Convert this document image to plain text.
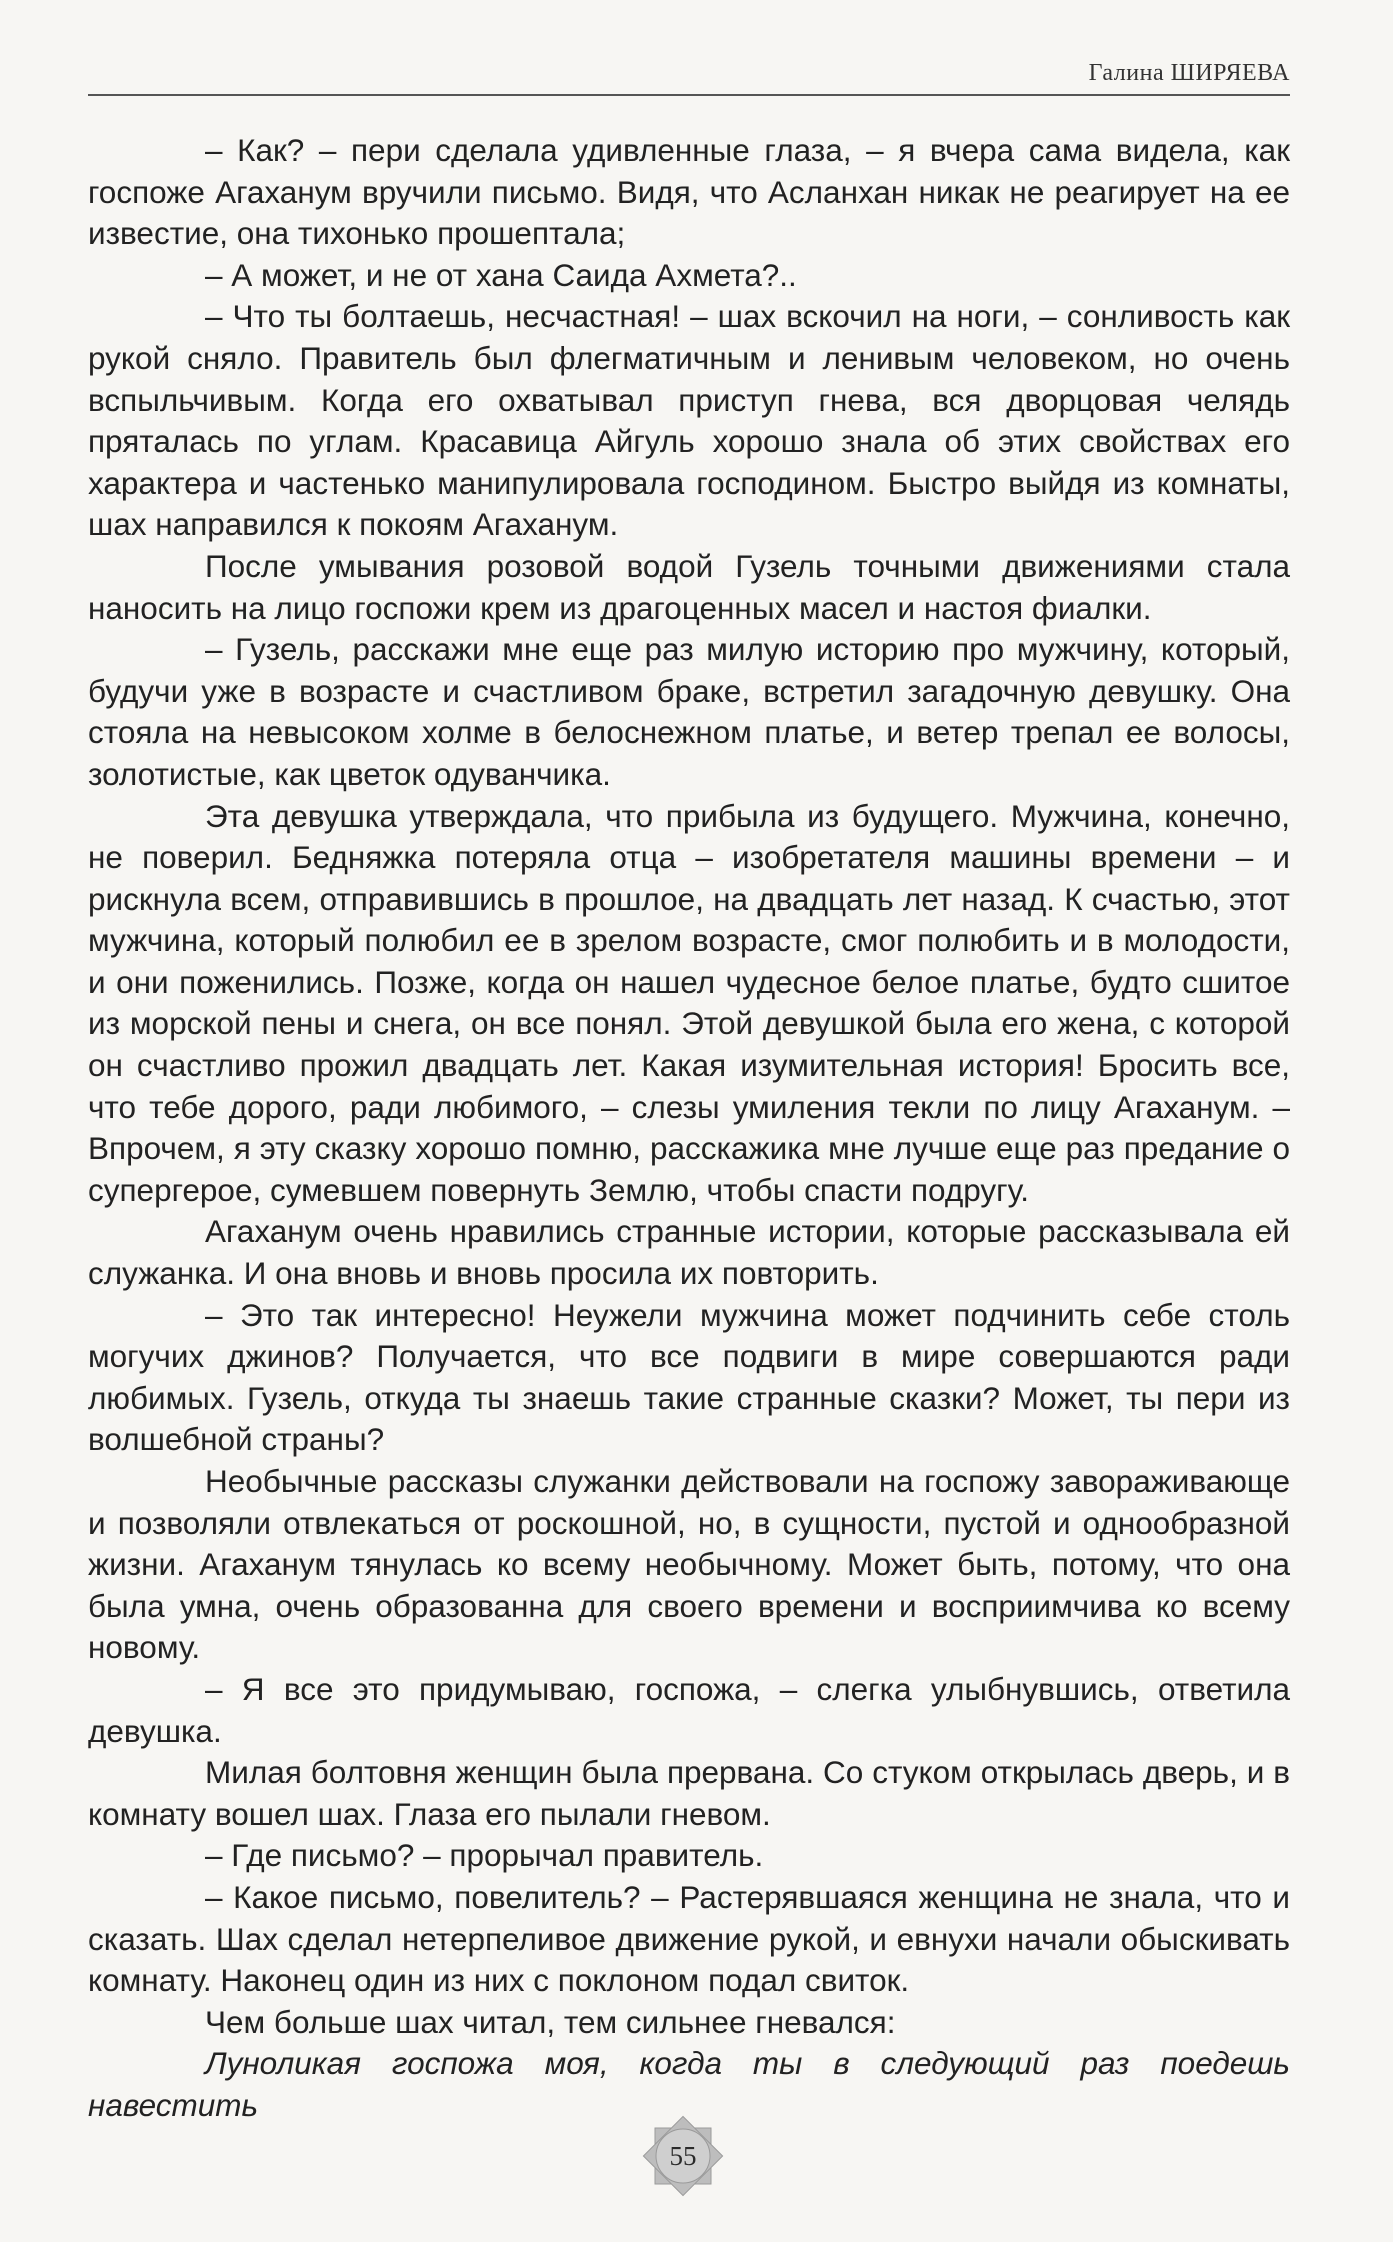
Галина ШИРЯЕВА

– Как? – пери сделала удивленные глаза, – я вчера сама видела, как госпоже Агаханум вручили письмо. Видя, что Асланхан никак не реагирует на ее известие, она тихонько прошептала;

– А может, и не от хана Саида Ахмета?..

– Что ты болтаешь, несчастная! – шах вскочил на ноги, – сонливость как рукой сняло. Правитель был флегматичным и ленивым человеком, но очень вспыльчивым. Когда его охватывал приступ гнева, вся дворцовая челядь пряталась по углам. Красавица Айгуль хорошо знала об этих свойствах его характера и частенько манипулировала господином. Быстро выйдя из комнаты, шах направился к покоям Агаханум.

После умывания розовой водой Гузель точными движениями стала наносить на лицо госпожи крем из драгоценных масел и настоя фиалки.

– Гузель, расскажи мне еще раз милую историю про мужчину, который, будучи уже в возрасте и счастливом браке, встретил загадочную девушку. Она стояла на невысоком холме в белоснежном платье, и ветер трепал ее волосы, золотистые, как цветок одуванчика.

Эта девушка утверждала, что прибыла из будущего. Мужчина, конечно, не поверил. Бедняжка потеряла отца – изобретателя машины времени – и рискнула всем, отправившись в прошлое, на двадцать лет назад. К счастью, этот мужчина, который полюбил ее в зрелом возрасте, смог полюбить и в молодости, и они поженились. Позже, когда он нашел чудесное белое платье, будто сшитое из морской пены и снега, он все понял. Этой девушкой была его жена, с которой он счастливо прожил двадцать лет. Какая изумительная история! Бросить все, что тебе дорого, ради любимого, – слезы умиления текли по лицу Агаханум. – Впрочем, я эту сказку хорошо помню, расскажика мне лучше еще раз предание о супергерое, сумевшем повернуть Землю, чтобы спасти подругу.

Агаханум очень нравились странные истории, которые рассказывала ей служанка. И она вновь и вновь просила их повторить.

– Это так интересно! Неужели мужчина может подчинить себе столь могучих джинов? Получается, что все подвиги в мире совершаются ради любимых. Гузель, откуда ты знаешь такие странные сказки? Может, ты пери из волшебной страны?

Необычные рассказы служанки действовали на госпожу завораживающе и позволяли отвлекаться от роскошной, но, в сущности, пустой и однообразной жизни. Агаханум тянулась ко всему необычному. Может быть, потому, что она была умна, очень образованна для своего времени и восприимчива ко всему новому.

– Я все это придумываю, госпожа, – слегка улыбнувшись, ответила девушка.

Милая болтовня женщин была прервана. Со стуком открылась дверь, и в комнату вошел шах. Глаза его пылали гневом.

– Где письмо? – прорычал правитель.

– Какое письмо, повелитель? – Растерявшаяся женщина не знала, что и сказать. Шах сделал нетерпеливое движение рукой, и евнухи начали обыскивать комнату. Наконец один из них с поклоном подал свиток.

Чем больше шах читал, тем сильнее гневался:

Луноликая госпожа моя, когда ты в следующий раз поедешь навестить

55
